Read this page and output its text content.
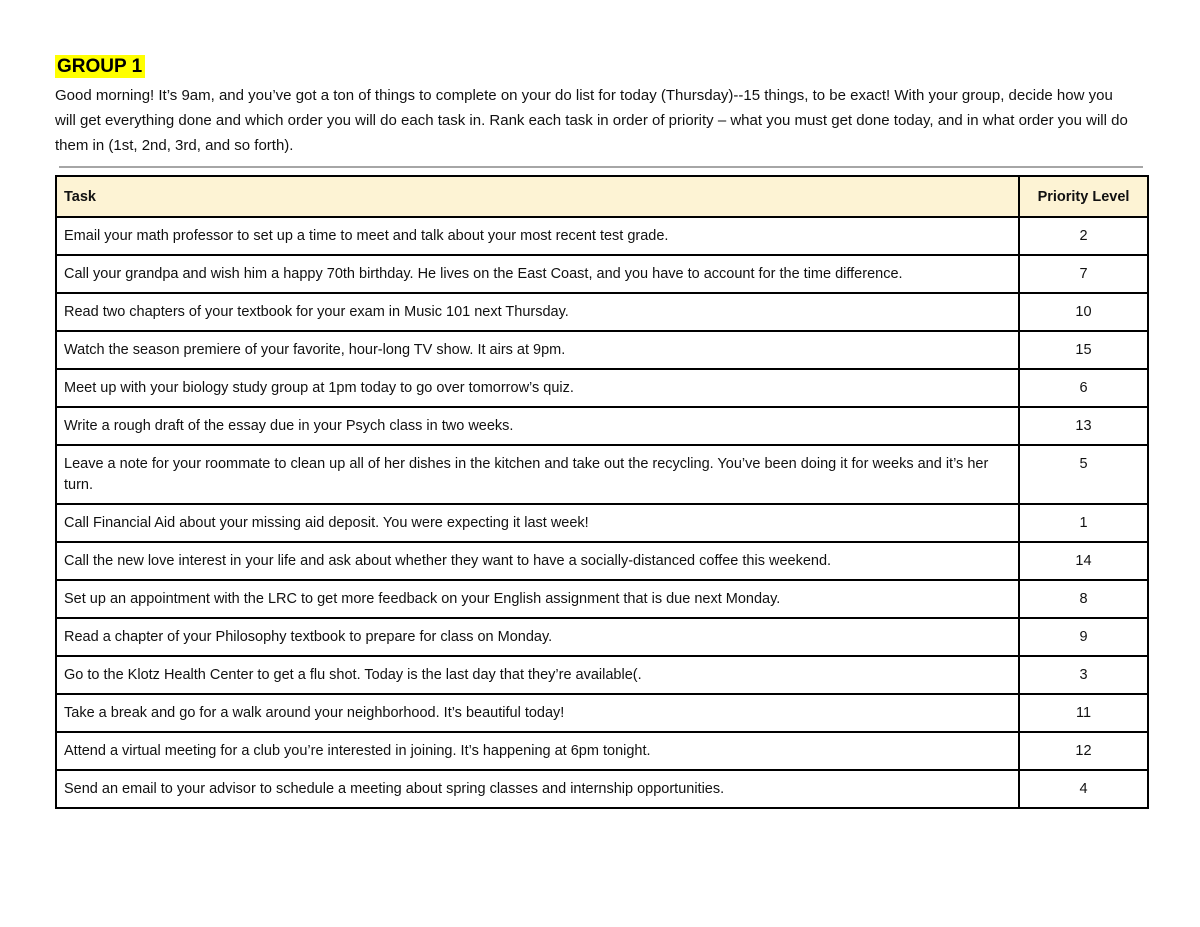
GROUP 1

Good morning! It’s 9am, and you’ve got a ton of things to complete on your do list for today (Thursday)--15 things, to be exact! With your group, decide how you will get everything done and which order you will do each task in. Rank each task in order of priority – what you must get done today, and in what order you will do them in (1st, 2nd, 3rd, and so forth).

Task	Priority Level
Email your math professor to set up a time to meet and talk about your most recent test grade.	2
Call your grandpa and wish him a happy 70th birthday. He lives on the East Coast, and you have to account for the time difference.	7
Read two chapters of your textbook for your exam in Music 101 next Thursday.	10
Watch the season premiere of your favorite, hour-long TV show. It airs at 9pm.	15
Meet up with your biology study group at 1pm today to go over tomorrow’s quiz.	6
Write a rough draft of the essay due in your Psych class in two weeks.	13
Leave a note for your roommate to clean up all of her dishes in the kitchen and take out the recycling. You’ve been doing it for weeks and it’s her turn.	5
Call Financial Aid about your missing aid deposit. You were expecting it last week!	1
Call the new love interest in your life and ask about whether they want to have a socially-distanced coffee this weekend.	14
Set up an appointment with the LRC to get more feedback on your English assignment that is due next Monday.	8
Read a chapter of your Philosophy textbook to prepare for class on Monday.	9
Go to the Klotz Health Center to get a flu shot. Today is the last day that they’re available(.	3
Take a break and go for a walk around your neighborhood. It’s beautiful today!	11
Attend a virtual meeting for a club you’re interested in joining. It’s happening at 6pm tonight.	12
Send an email to your advisor to schedule a meeting about spring classes and internship opportunities.	4
